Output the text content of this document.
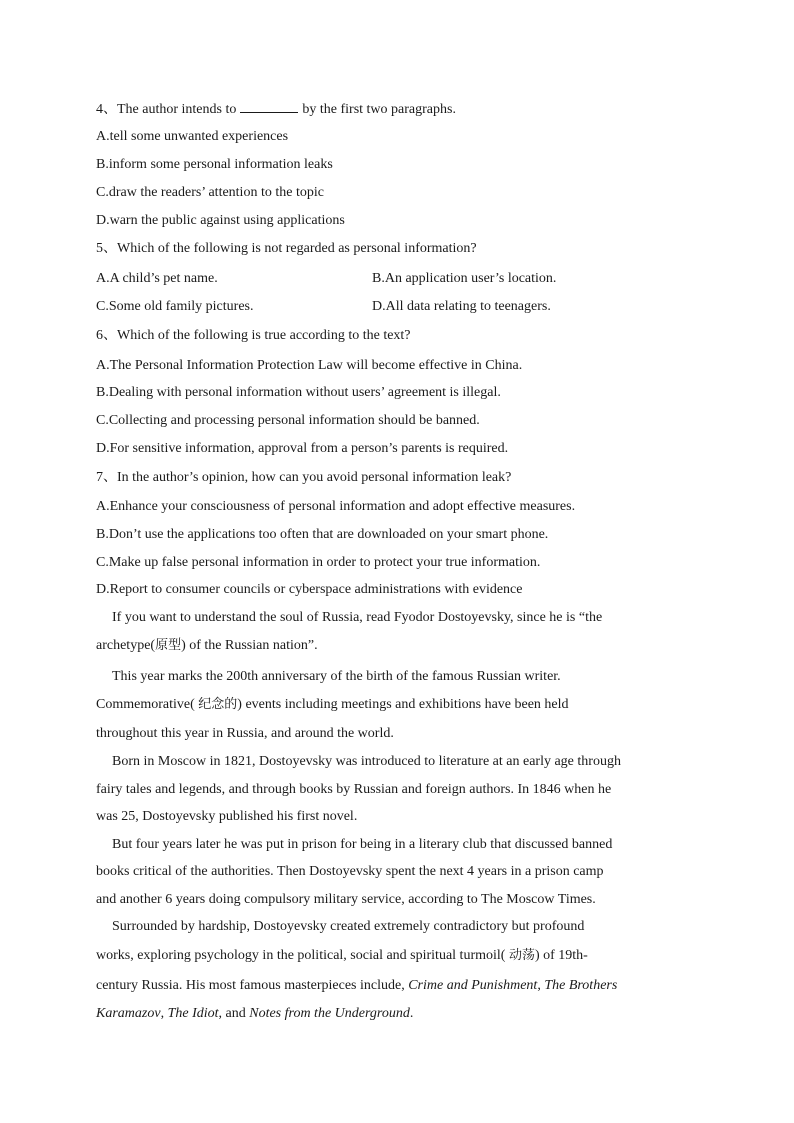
4、The author intends to	by the first two paragraphs.
A.tell some unwanted experiences
B.inform some personal information leaks
C.draw the readers’ attention to the topic
D.warn the public against using applications
5、Which of the following is not regarded as personal information?
A.A child’s pet name.	B.An application user’s location.
C.Some old family pictures.	D.All data relating to teenagers.
6、Which of the following is true according to the text?
A.The Personal Information Protection Law will become effective in China.
B.Dealing with personal information without users’ agreement is illegal.
C.Collecting and processing personal information should be banned.
D.For sensitive information, approval from a person’s parents is required.
7、In the author’s opinion, how can you avoid personal information leak?
A.Enhance your consciousness of personal information and adopt effective measures.
B.Don’t use the applications too often that are downloaded on your smart phone.
C.Make up false personal information in order to protect your true information.
D.Report to consumer councils or cyberspace administrations with evidence
If you want to understand the soul of Russia, read Fyodor Dostoyevsky, since he is “the
archetype(原型) of the Russian nation”.
This year marks the 200th anniversary of the birth of the famous Russian writer.
Commemorative( 纪念的) events including meetings and exhibitions have been held
throughout this year in Russia, and around the world.
Born in Moscow in 1821, Dostoyevsky was introduced to literature at an early age through
fairy tales and legends, and through books by Russian and foreign authors. In 1846 when he
was 25, Dostoyevsky published his first novel.
But four years later he was put in prison for being in a literary club that discussed banned
books critical of the authorities. Then Dostoyevsky spent the next 4 years in a prison camp
and another 6 years doing compulsory military service, according to The Moscow Times.
Surrounded by hardship, Dostoyevsky created extremely contradictory but profound
works, exploring psychology in the political, social and spiritual turmoil( 动荡) of 19th-
century Russia. His most famous masterpieces include, Crime and Punishment, The Brothers
Karamazov, The Idiot, and Notes from the Underground.
